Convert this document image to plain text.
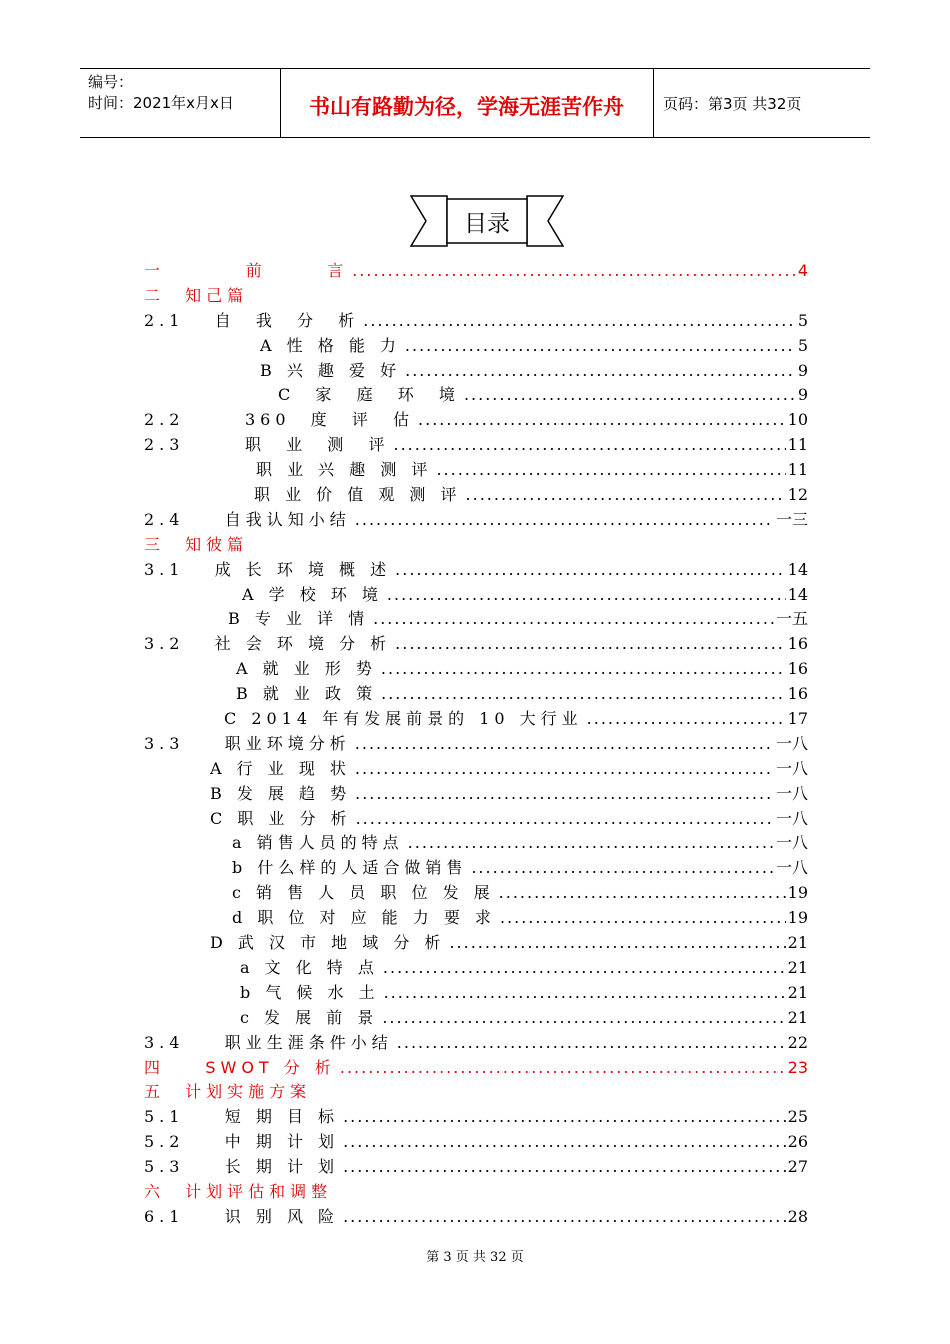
编号：
时间：2021年x月x日	书山有路勤为径，学海无涯苦作舟	页码：第3页 共32页
目录
一        前      言 .....	4
二  知己篇
2.1   自  我  分  析 .....	5
A 性 格 能 力 .....	5
B 兴 趣 爱 好 .....	9
C  家  庭  环  境 .....	9
2.2      360  度  评  估 .....	10
2.3      职  业  测  评 .....	11
职 业 兴 趣 测 评 .....	11
职 业 价 值 观 测 评 .....	12
2.4    自我认知小结 .....	一三
三  知彼篇
3.1   成 长 环 境 概 述 .....	14
A 学 校 环 境 .....	14
B 专 业 详 情 .....	一五
3.2   社 会 环 境 分 析 .....	16
A 就 业 形 势 .....	16
B 就 业 政 策 .....	16
C 2014 年有发展前景的 10 大行业 .....	17
3.3    职业环境分析 .....	一八
A 行 业 现 状 .....	一八
B 发 展 趋 势 .....	一八
C 职 业 分 析 .....	一八
a 销售人员的特点 .....	一八
b 什么样的人适合做销售 .....	一八
c 销 售 人 员 职 位 发 展 .....	19
d 职 位 对 应 能 力 要 求 .....	19
D 武 汉 市 地 域 分 析 .....	21
a 文 化 特 点 .....	21
b 气 候 水 土 .....	21
c 发 展 前 景 .....	21
3.4    职业生涯条件小结 .....	22
四    SWOT 分 析 .....	23
五  计划实施方案
5.1    短 期 目 标 .....	25
5.2    中 期 计 划 .....	26
5.3    长 期 计 划 .....	27
六  计划评估和调整
6.1    识 别 风 险 .....	28
第 3 页 共 32 页
